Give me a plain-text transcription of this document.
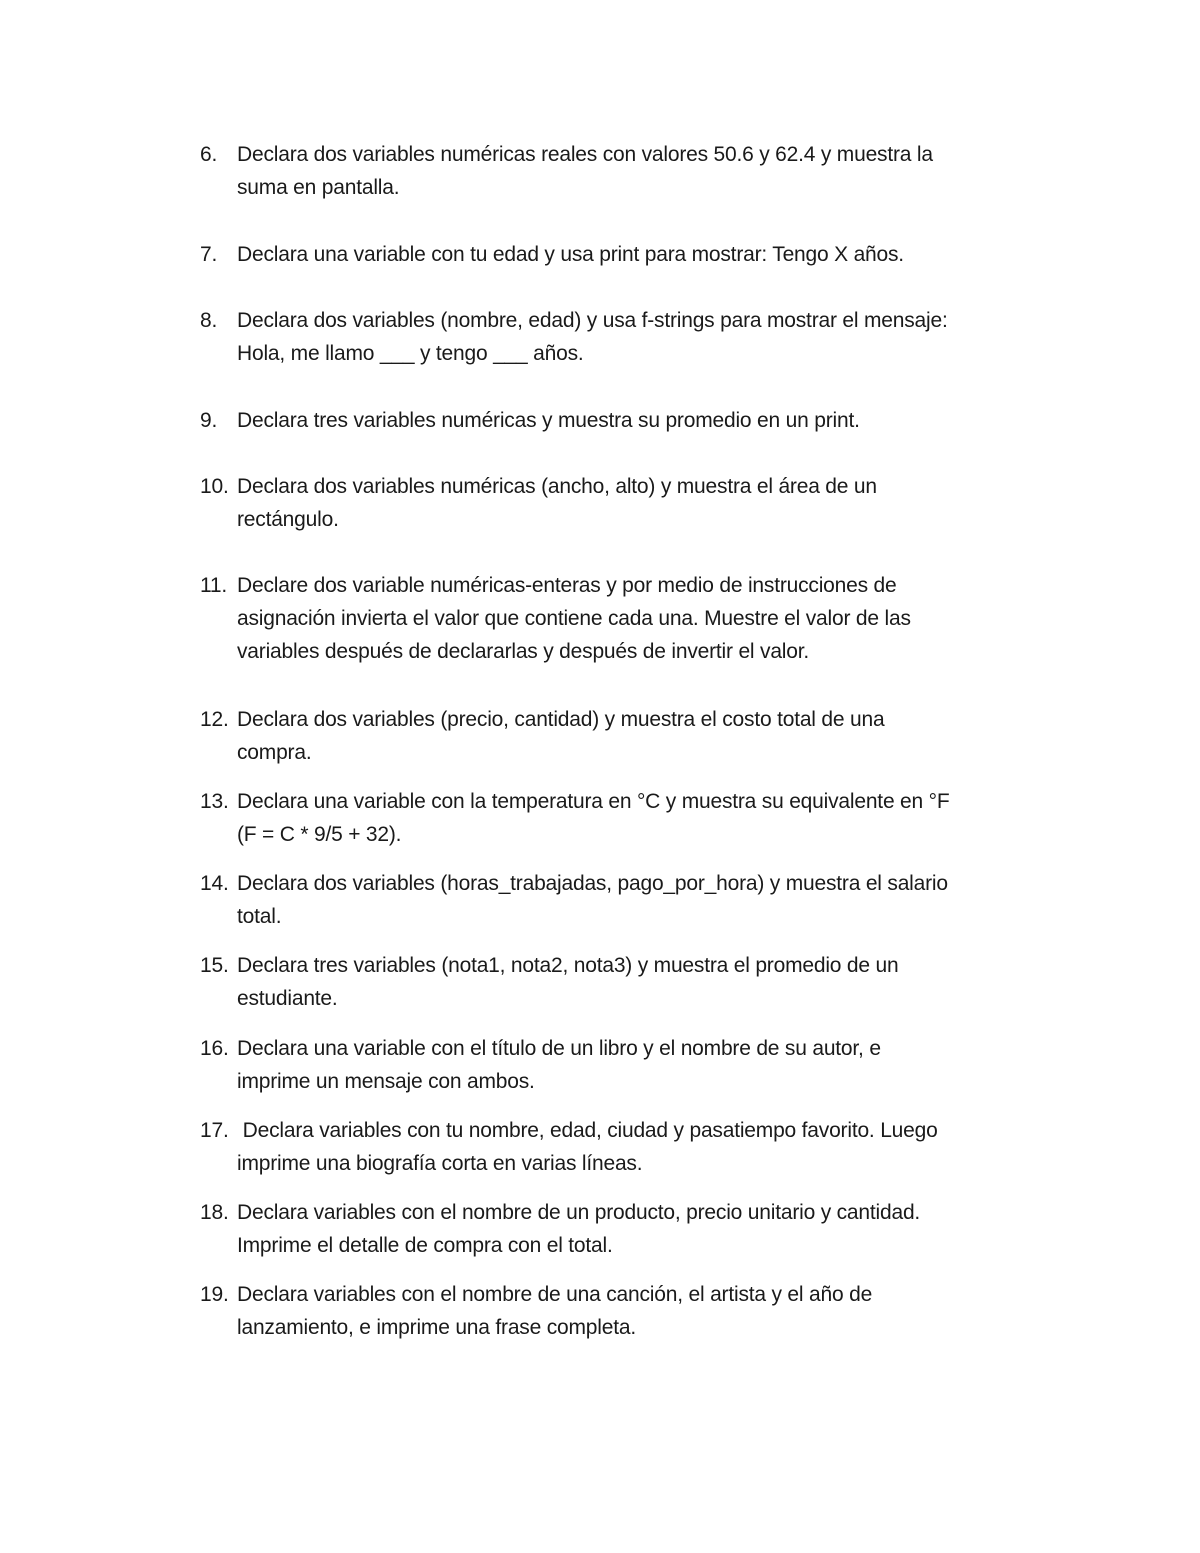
6. Declara dos variables numéricas reales con valores 50.6 y 62.4 y muestra la
suma en pantalla.
7. Declara una variable con tu edad y usa print para mostrar: Tengo X años.
8. Declara dos variables (nombre, edad) y usa f-strings para mostrar el mensaje:
Hola, me llamo ___ y tengo ___ años.
9. Declara tres variables numéricas y muestra su promedio en un print.
10. Declara dos variables numéricas (ancho, alto) y muestra el área de un
rectángulo.
11. Declare dos variable numéricas-enteras y por medio de instrucciones de
asignación invierta el valor que contiene cada una. Muestre el valor de las
variables después de declararlas y después de invertir el valor.
12. Declara dos variables (precio, cantidad) y muestra el costo total de una
compra.
13. Declara una variable con la temperatura en °C y muestra su equivalente en °F
(F = C * 9/5 + 32).
14. Declara dos variables (horas_trabajadas, pago_por_hora) y muestra el salario
total.
15. Declara tres variables (nota1, nota2, nota3) y muestra el promedio de un
estudiante.
16. Declara una variable con el título de un libro y el nombre de su autor, e
imprime un mensaje con ambos.
17. Declara variables con tu nombre, edad, ciudad y pasatiempo favorito. Luego
imprime una biografía corta en varias líneas.
18. Declara variables con el nombre de un producto, precio unitario y cantidad.
Imprime el detalle de compra con el total.
19. Declara variables con el nombre de una canción, el artista y el año de
lanzamiento, e imprime una frase completa.
